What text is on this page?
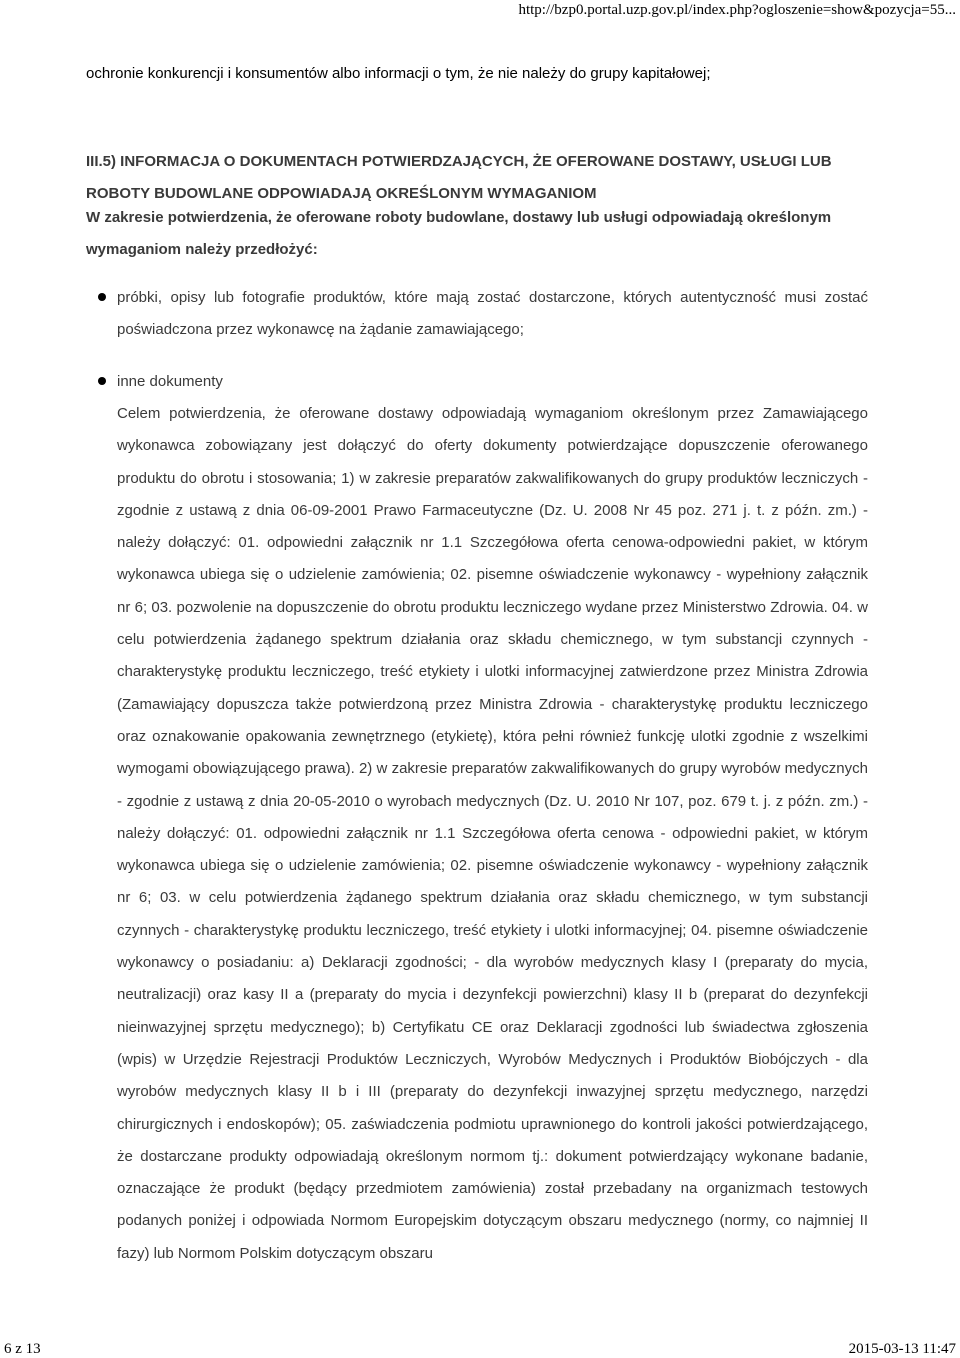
http://bzp0.portal.uzp.gov.pl/index.php?ogloszenie=show&pozycja=55...

ochronie konkurencji i konsumentów albo informacji o tym, że nie należy do grupy kapitałowej;

III.5) INFORMACJA O DOKUMENTACH POTWIERDZAJĄCYCH, ŻE OFEROWANE DOSTAWY, USŁUGI LUB ROBOTY BUDOWLANE ODPOWIADAJĄ OKREŚLONYM WYMAGANIOM

W zakresie potwierdzenia, że oferowane roboty budowlane, dostawy lub usługi odpowiadają określonym wymaganiom należy przedłożyć:

próbki, opisy lub fotografie produktów, które mają zostać dostarczone, których autentyczność musi zostać poświadczona przez wykonawcę na żądanie zamawiającego;

inne dokumenty

Celem potwierdzenia, że oferowane dostawy odpowiadają wymaganiom określonym przez Zamawiającego wykonawca zobowiązany jest dołączyć do oferty dokumenty potwierdzające dopuszczenie oferowanego produktu do obrotu i stosowania; 1) w zakresie preparatów zakwalifikowanych do grupy produktów leczniczych - zgodnie z ustawą z dnia 06-09-2001 Prawo Farmaceutyczne (Dz. U. 2008 Nr 45 poz. 271 j. t. z późn. zm.) - należy dołączyć: 01. odpowiedni załącznik nr 1.1 Szczegółowa oferta cenowa-odpowiedni pakiet, w którym wykonawca ubiega się o udzielenie zamówienia; 02. pisemne oświadczenie wykonawcy - wypełniony załącznik nr 6; 03. pozwolenie na dopuszczenie do obrotu produktu leczniczego wydane przez Ministerstwo Zdrowia. 04. w celu potwierdzenia żądanego spektrum działania oraz składu chemicznego, w tym substancji czynnych - charakterystykę produktu leczniczego, treść etykiety i ulotki informacyjnej zatwierdzone przez Ministra Zdrowia (Zamawiający dopuszcza także potwierdzoną przez Ministra Zdrowia - charakterystykę produktu leczniczego oraz oznakowanie opakowania zewnętrznego (etykietę), która pełni również funkcję ulotki zgodnie z wszelkimi wymogami obowiązującego prawa). 2) w zakresie preparatów zakwalifikowanych do grupy wyrobów medycznych - zgodnie z ustawą z dnia 20-05-2010 o wyrobach medycznych (Dz. U. 2010 Nr 107, poz. 679 t. j. z późn. zm.) - należy dołączyć: 01. odpowiedni załącznik nr 1.1 Szczegółowa oferta cenowa - odpowiedni pakiet, w którym wykonawca ubiega się o udzielenie zamówienia; 02. pisemne oświadczenie wykonawcy - wypełniony załącznik nr 6; 03. w celu potwierdzenia żądanego spektrum działania oraz składu chemicznego, w tym substancji czynnych - charakterystykę produktu leczniczego, treść etykiety i ulotki informacyjnej; 04. pisemne oświadczenie wykonawcy o posiadaniu: a) Deklaracji zgodności; - dla wyrobów medycznych klasy I (preparaty do mycia, neutralizacji) oraz kasy II a (preparaty do mycia i dezynfekcji powierzchni) klasy II b (preparat do dezynfekcji nieinwazyjnej sprzętu medycznego); b) Certyfikatu CE oraz Deklaracji zgodności lub świadectwa zgłoszenia (wpis) w Urzędzie Rejestracji Produktów Leczniczych, Wyrobów Medycznych i Produktów Biobójczych - dla wyrobów medycznych klasy II b i III (preparaty do dezynfekcji inwazyjnej sprzętu medycznego, narzędzi chirurgicznych i endoskopów); 05. zaświadczenia podmiotu uprawnionego do kontroli jakości potwierdzającego, że dostarczane produkty odpowiadają określonym normom tj.: dokument potwierdzający wykonane badanie, oznaczające że produkt (będący przedmiotem zamówienia) został przebadany na organizmach testowych podanych poniżej i odpowiada Normom Europejskim dotyczącym obszaru medycznego (normy, co najmniej II fazy) lub Normom Polskim dotyczącym obszaru

6 z 13	2015-03-13 11:47
